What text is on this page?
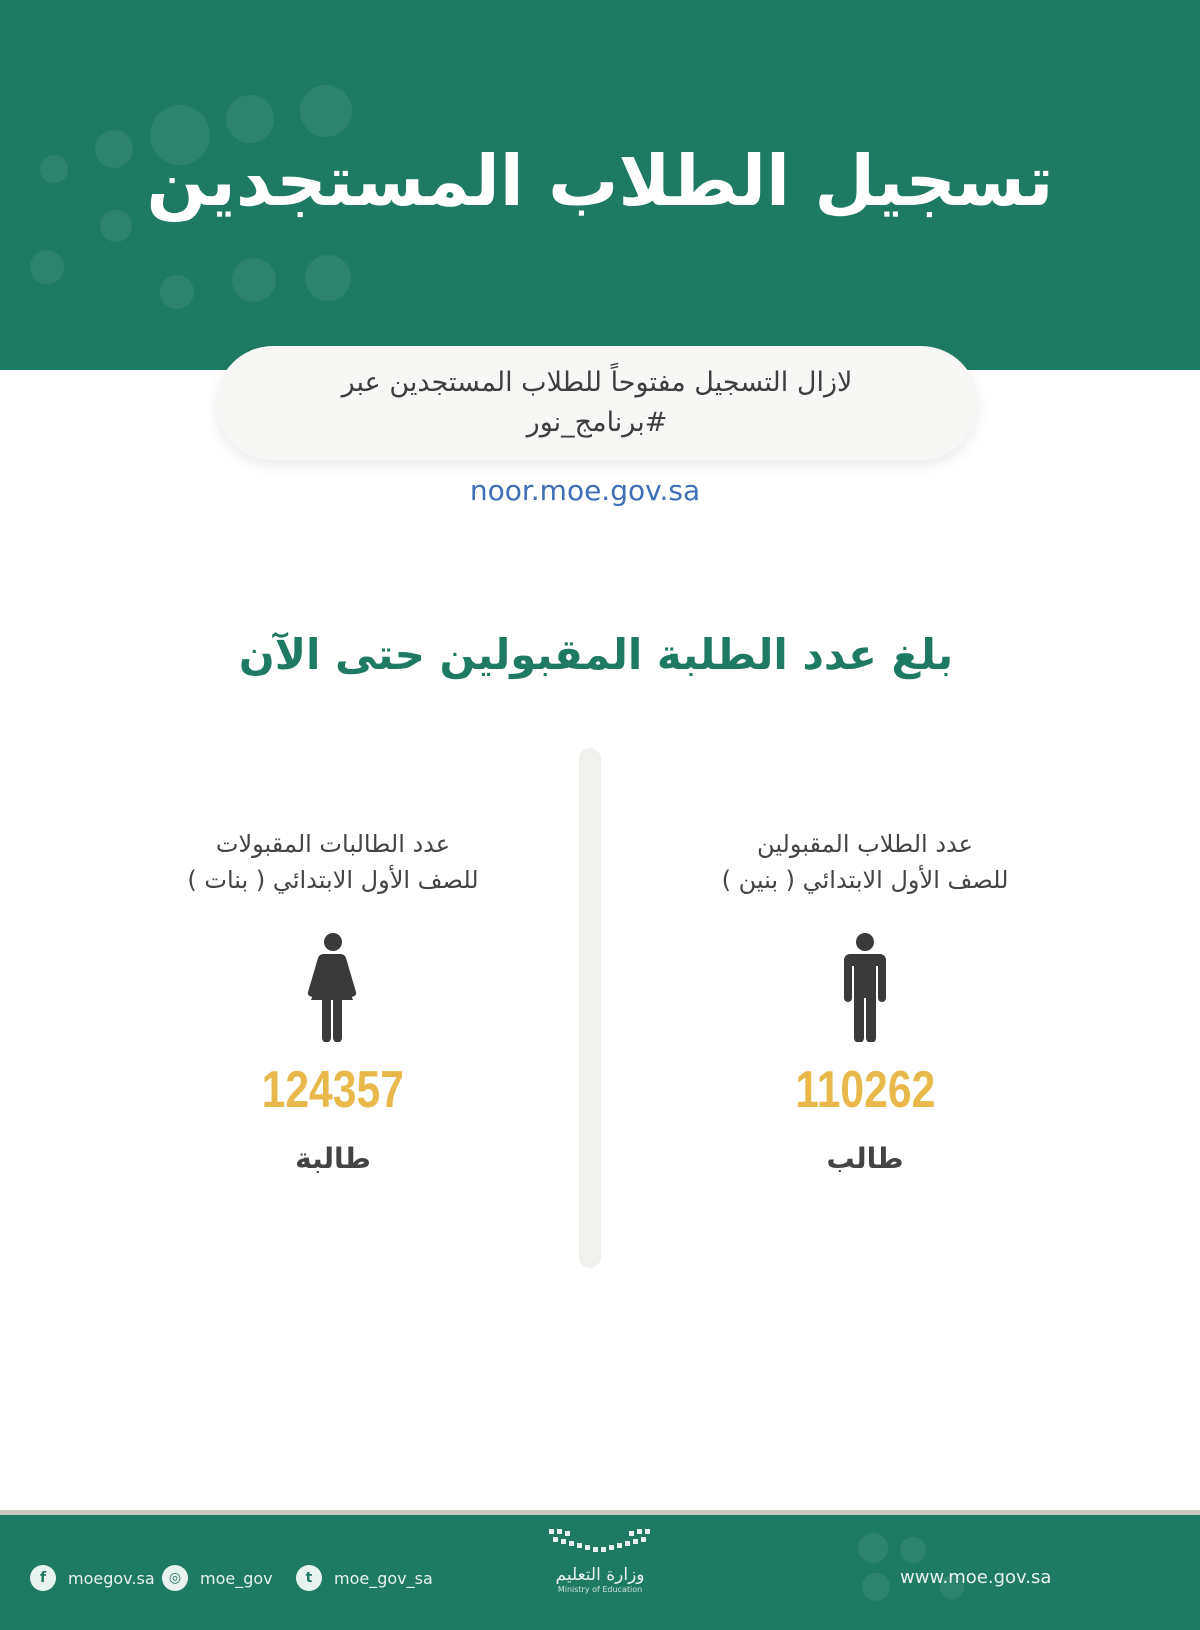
تسجيل الطلاب المستجدين
لازال التسجيل مفتوحاً للطلاب المستجدين عبر
#برنامج_نور
noor.moe.gov.sa
بلغ عدد الطلبة المقبولين حتى الآن
عدد الطلاب المقبولين
للصف الأول الابتدائي ( بنين )
110262
طالب
عدد الطالبات المقبولات
للصف الأول الابتدائي ( بنات )
124357
طالبة
f	moegov.sa	◎	moe_gov	t	moe_gov_sa	وزارة التعليم
Ministry of Education
www.moe.gov.sa
